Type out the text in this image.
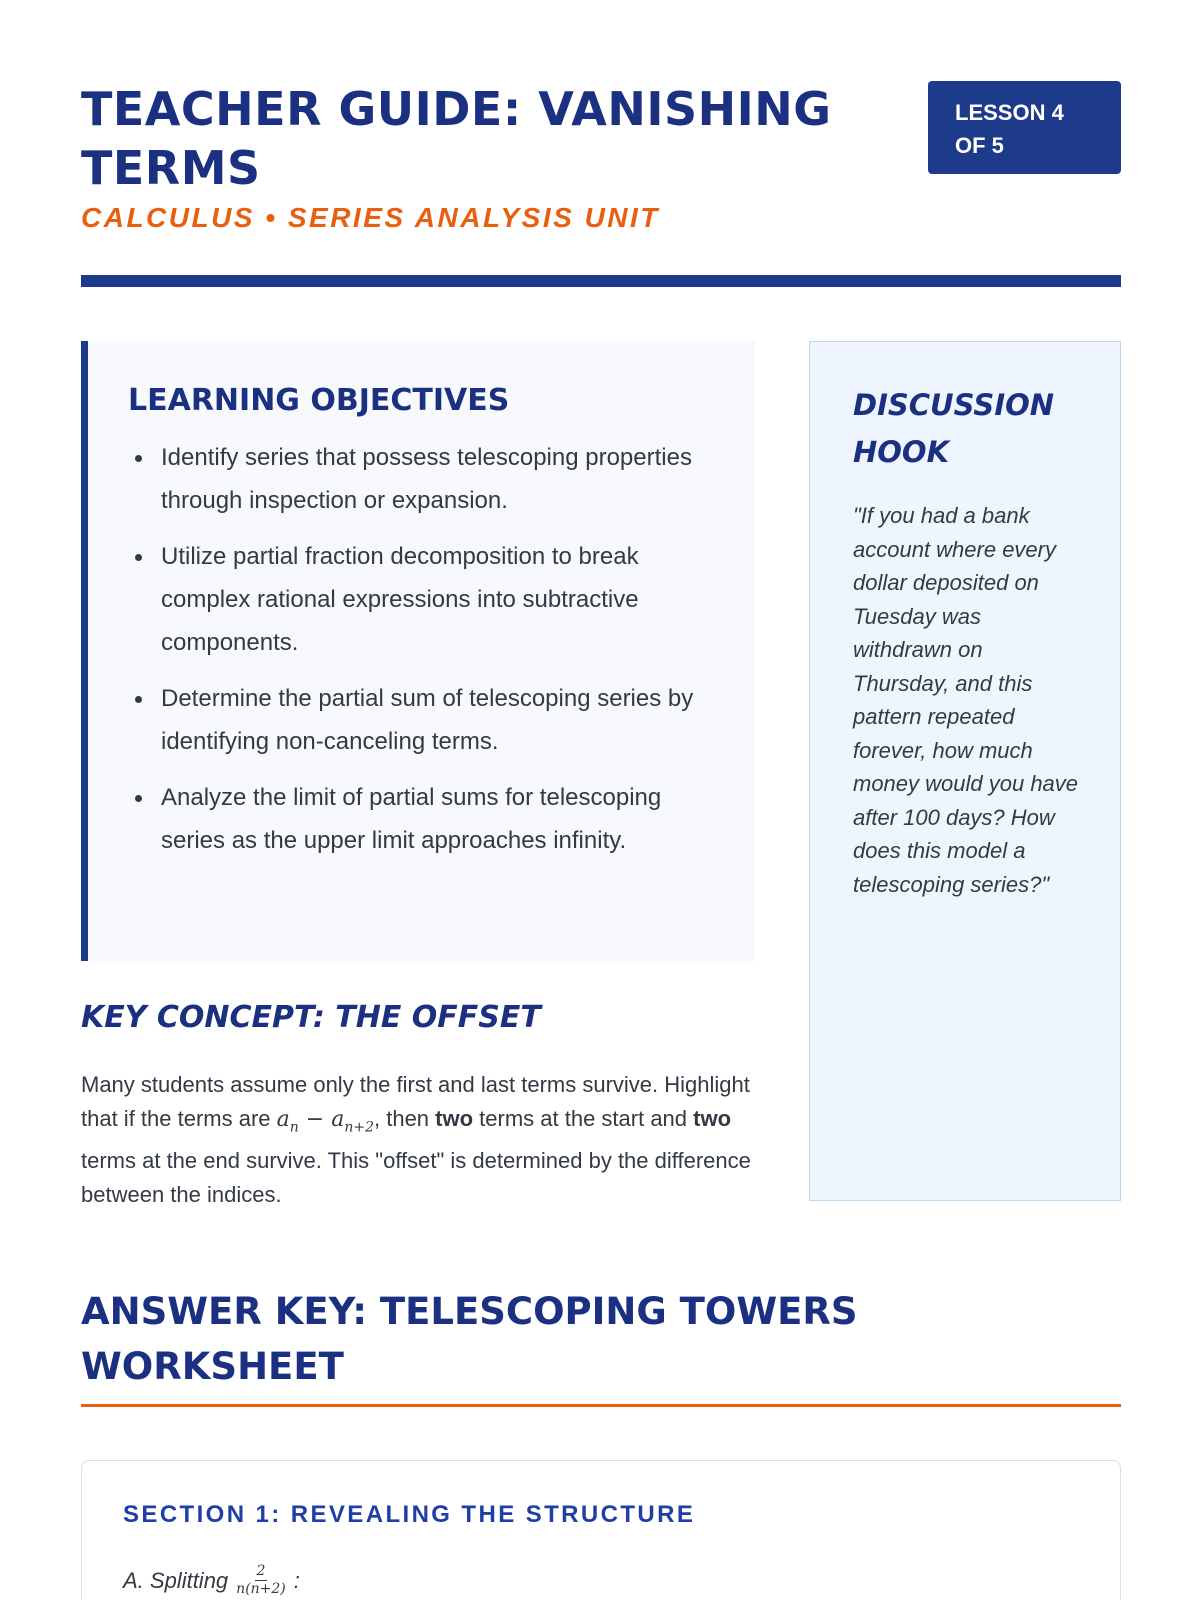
TEACHER GUIDE: VANISHING TERMS
CALCULUS • SERIES ANALYSIS UNIT
LESSON 4
OF 5
LEARNING OBJECTIVES
Identify series that possess telescoping properties through inspection or expansion.
Utilize partial fraction decomposition to break complex rational expressions into subtractive components.
Determine the partial sum of telescoping series by identifying non-canceling terms.
Analyze the limit of partial sums for telescoping series as the upper limit approaches infinity.
KEY CONCEPT: THE OFFSET

Many students assume only the first and last terms survive. Highlight that if the terms are $a_n - a_{n+2}$, then two terms at the start and two terms at the end survive. This "offset" is determined by the difference between the indices.

DISCUSSION HOOK

"If you had a bank account where every dollar deposited on Tuesday was withdrawn on Thursday, and this pattern repeated forever, how much money would you have after 100 days? How does this model a telescoping series?"

ANSWER KEY: TELESCOPING TOWERS WORKSHEET
SECTION 1: REVEALING THE STRUCTURE
A. Splitting $\frac{2}{n(n+2)}$ :
